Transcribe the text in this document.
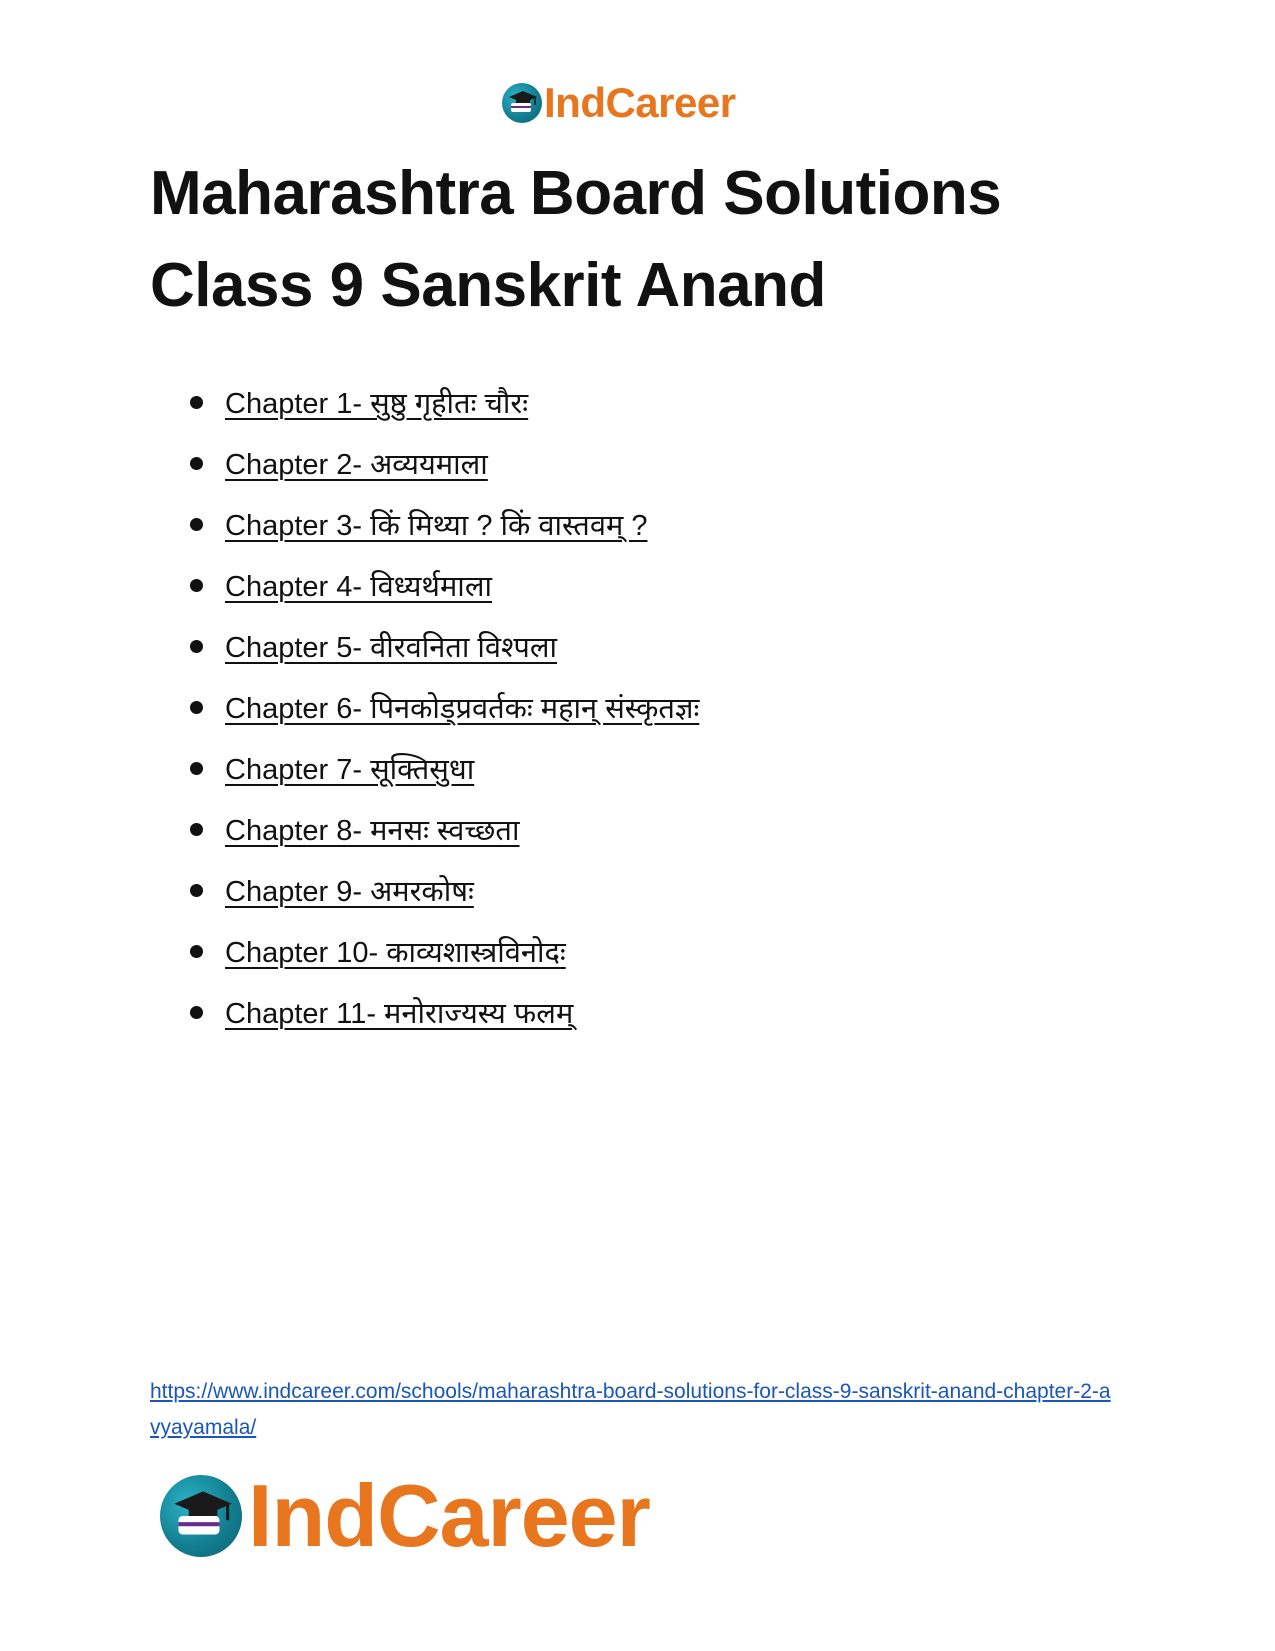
IndCareer
Maharashtra Board Solutions
Class 9 Sanskrit Anand
Chapter 1- सुष्ठु गृहीतः चौरः
Chapter 2- अव्ययमाला
Chapter 3- किं मिथ्या ? किं वास्तवम् ?
Chapter 4- विध्यर्थमाला
Chapter 5- वीरवनिता विश्पला
Chapter 6- पिनकोड्प्रवर्तकः महान् संस्कृतज्ञः
Chapter 7- सूक्तिसुधा
Chapter 8- मनसः स्वच्छता
Chapter 9- अमरकोषः
Chapter 10- काव्यशास्त्रविनोदः
Chapter 11- मनोराज्यस्य फलम्
https://www.indcareer.com/schools/maharashtra-board-solutions-for-class-9-sanskrit-anand-chapter-2-avyayamala/
IndCareer
